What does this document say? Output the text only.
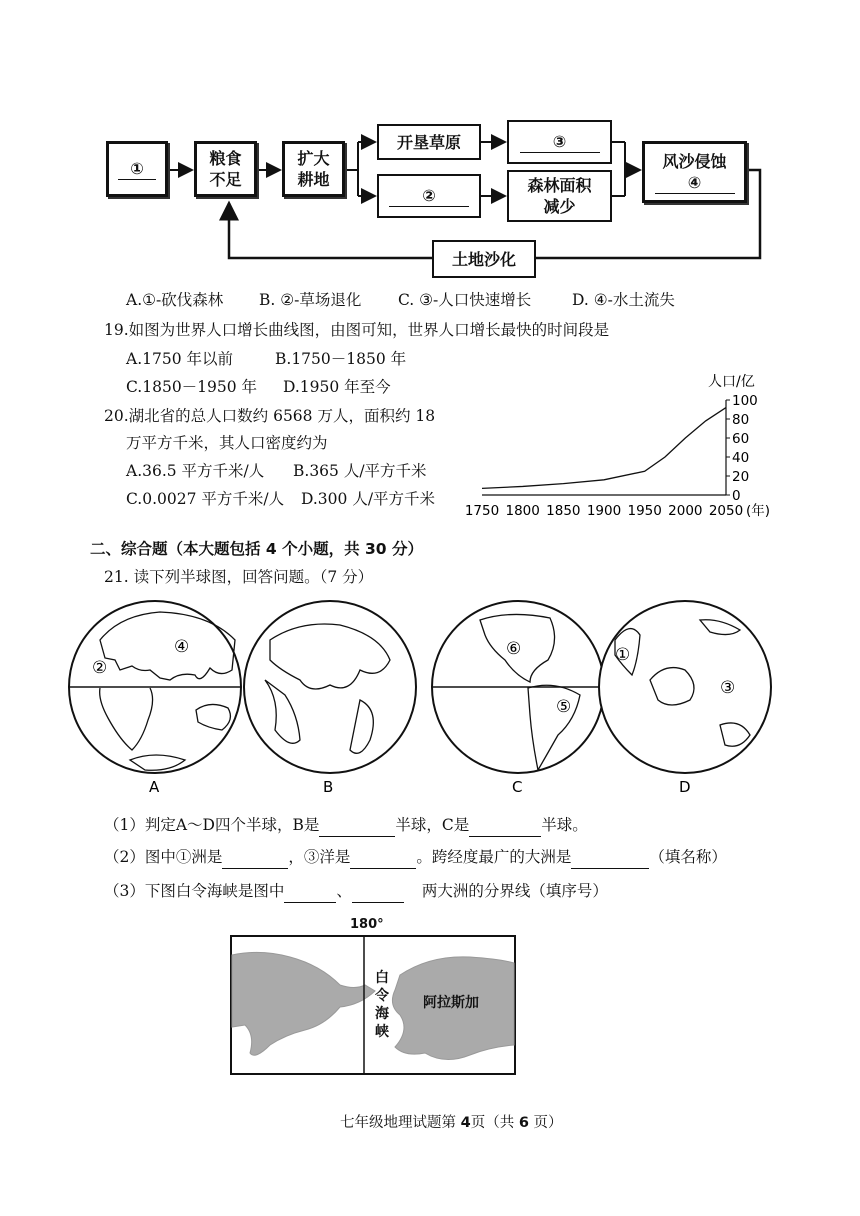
①
粮食
不足
扩大
耕地
开垦草原	③
②
森林面积
减少
风沙侵蚀
④
土地沙化
A.①-砍伐森林 B. ②-草场退化 C. ③-人口快速增长	D. ④-水土流失
19.如图为世界人口增长曲线图，由图可知，世界人口增长最快的时间段是
A.1750 年以前	B.1750－1850 年
C.1850－1950 年 D.1950 年至今
20.湖北省的总人口数约 6568 万人，面积约 18
万平方千米，其人口密度约为
A.36.5 平方千米/人 B.365 人/平方千米
C.0.0027 平方千米/人 D.300 人/平方千米
人口/亿
0
20
40
60
80
100
1750 1800 1850 1900 1950 2000 2050 (年)
二、综合题（本大题包括 4 个小题，共 30 分）
21. 读下列半球图，回答问题。（7 分）
②
④	⑥
⑤
①
③
A	B	C	D
（1）判定A～D四个半球，B是	半球，C是	半球。
（2）图中①洲是	，③洋是	。跨经度最广的大洲是	（填名称）
（3）下图白令海峡是图中	、	两大洲的分界线（填序号）
180°
白令海峡
阿拉斯加
七年级地理试题第 4页（共 6 页）
